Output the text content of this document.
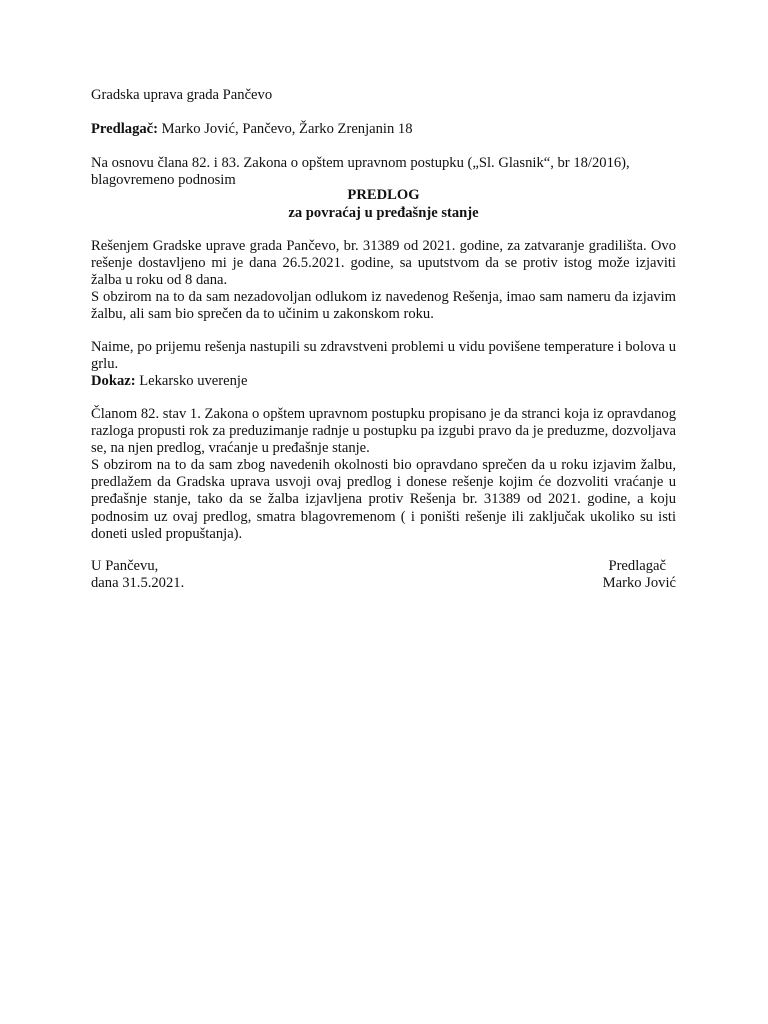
Gradska uprava grada Pančevo

Predlagač: Marko Jović, Pančevo, Žarko Zrenjanin 18

Na osnovu člana 82. i 83. Zakona o opštem upravnom postupku („Sl. Glasnik“, br 18/2016),

blagovremeno podnosim

PREDLOG

za povraćaj u pređašnje stanje

Rešenjem Gradske uprave grada Pančevo, br. 31389 od 2021. godine, za zatvaranje gradilišta. Ovo rešenje dostavljeno mi je dana 26.5.2021. godine, sa uputstvom da se protiv istog može izjaviti žalba u roku od 8 dana.

S obzirom na to da sam nezadovoljan odlukom iz navedenog Rešenja, imao sam nameru da izjavim žalbu, ali sam bio sprečen da to učinim u zakonskom roku.

Naime, po prijemu rešenja nastupili su zdravstveni problemi u vidu povišene temperature i bolova u grlu.

Dokaz: Lekarsko uverenje

Članom 82. stav 1. Zakona o opštem upravnom postupku propisano je da stranci koja iz opravdanog razloga propusti rok za preduzimanje radnje u postupku pa izgubi pravo da je preduzme, dozvoljava se, na njen predlog, vraćanje u pređašnje stanje.

S obzirom na to da sam zbog navedenih okolnosti bio opravdano sprečen da u roku izjavim žalbu, predlažem da Gradska uprava usvoji ovaj predlog i donese rešenje kojim će dozvoliti vraćanje u pređašnje stanje, tako da se žalba izjavljena protiv Rešenja br. 31389 od 2021. godine, a koju podnosim uz ovaj predlog, smatra blagovremenom ( i poništi rešenje ili zaključak ukoliko su isti doneti usled propuštanja).

U Pančevu,
dana 31.5.2021.
Predlagač
Marko Jović
